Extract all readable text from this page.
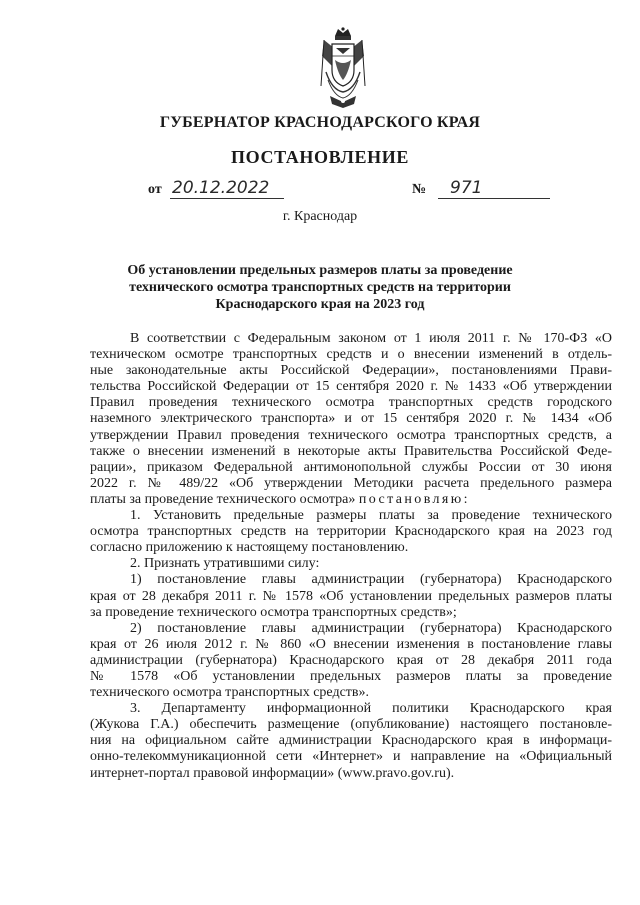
ГУБЕРНАТОР КРАСНОДАРСКОГО КРАЯ
ПОСТАНОВЛЕНИЕ
от 20.12.2022	№	971
г. Краснодар
Об установлении предельных размеров платы за проведение
технического осмотра транспортных средств на территории
Краснодарского края на 2023 год
В соответствии с Федеральным законом от 1 июля 2011 г. № 170-ФЗ «О
техническом осмотре транспортных средств и о внесении изменений в отдель-
ные законодательные акты Российской Федерации», постановлениями Прави-
тельства Российской Федерации от 15 сентября 2020 г. № 1433 «Об утверждении
Правил проведения технического осмотра транспортных средств городского
наземного электрического транспорта» и от 15 сентября 2020 г. № 1434 «Об
утверждении Правил проведения технического осмотра транспортных средств, а
также о внесении изменений в некоторые акты Правительства Российской Феде-
рации», приказом Федеральной антимонопольной службы России от 30 июня
2022 г. № 489/22 «Об утверждении Методики расчета предельного размера
платы за проведение технического осмотра» постановляю:
1. Установить предельные размеры платы за проведение технического
осмотра транспортных средств на территории Краснодарского края на 2023 год
согласно приложению к настоящему постановлению.
2. Признать утратившими силу:
1) постановление главы администрации (губернатора) Краснодарского
края от 28 декабря 2011 г. № 1578 «Об установлении предельных размеров платы
за проведение технического осмотра транспортных средств»;
2) постановление главы администрации (губернатора) Краснодарского
края от 26 июля 2012 г. № 860 «О внесении изменения в постановление главы
администрации (губернатора) Краснодарского края от 28 декабря 2011 года
№ 1578 «Об установлении предельных размеров платы за проведение
технического осмотра транспортных средств».
3. Департаменту информационной политики Краснодарского края
(Жукова Г.А.) обеспечить размещение (опубликование) настоящего постановле-
ния на официальном сайте администрации Краснодарского края в информаци-
онно-телекоммуникационной сети «Интернет» и направление на «Официальный
интернет-портал правовой информации» (www.pravo.gov.ru).
